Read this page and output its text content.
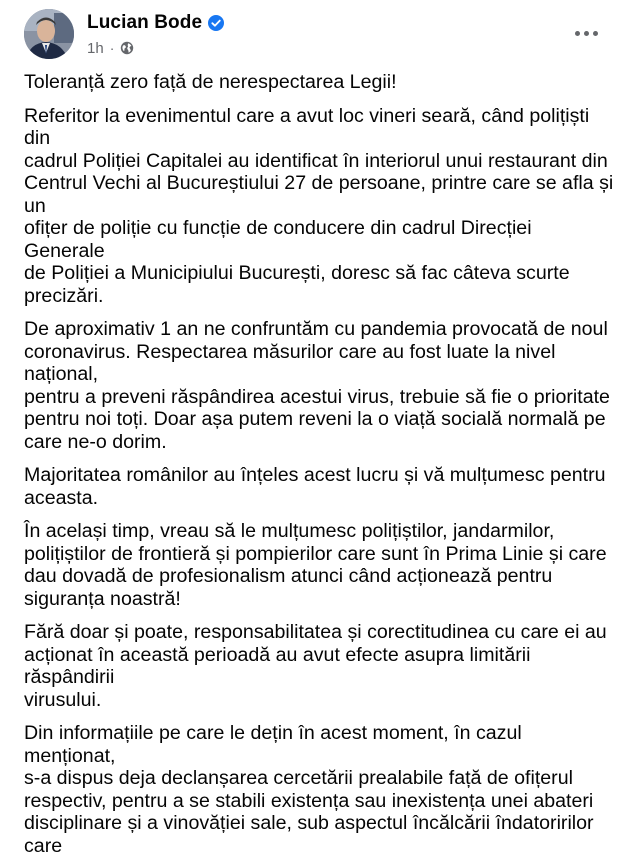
Lucian Bode
1h ·

Toleranță zero față de nerespectarea Legii!

Referitor la evenimentul care a avut loc vineri seară, când polițiști din
cadrul Poliției Capitalei au identificat în interiorul unui restaurant din
Centrul Vechi al Bucureștiului 27 de persoane, printre care se afla și un
ofițer de poliție cu funcție de conducere din cadrul Direcției Generale
de Poliției a Municipiului București, doresc să fac câteva scurte
precizări.

De aproximativ 1 an ne confruntăm cu pandemia provocată de noul
coronavirus. Respectarea măsurilor care au fost luate la nivel național,
pentru a preveni răspândirea acestui virus, trebuie să fie o prioritate
pentru noi toți. Doar așa putem reveni la o viață socială normală pe
care ne-o dorim.

Majoritatea românilor au înțeles acest lucru și vă mulțumesc pentru
aceasta.

În același timp, vreau să le mulțumesc polițiștilor, jandarmilor,
polițiștilor de frontieră și pompierilor care sunt în Prima Linie și care
dau dovadă de profesionalism atunci când acționează pentru
siguranța noastră!

Fără doar și poate, responsabilitatea și corectitudinea cu care ei au
acționat în această perioadă au avut efecte asupra limitării răspândirii
virusului.

Din informațiile pe care le dețin în acest moment, în cazul menționat,
s-a dispus deja declanșarea cercetării prealabile față de ofițerul
respectiv, pentru a se stabili existența sau inexistența unei abateri
disciplinare și a vinovăției sale, sub aspectul încălcării îndatoririlor care
